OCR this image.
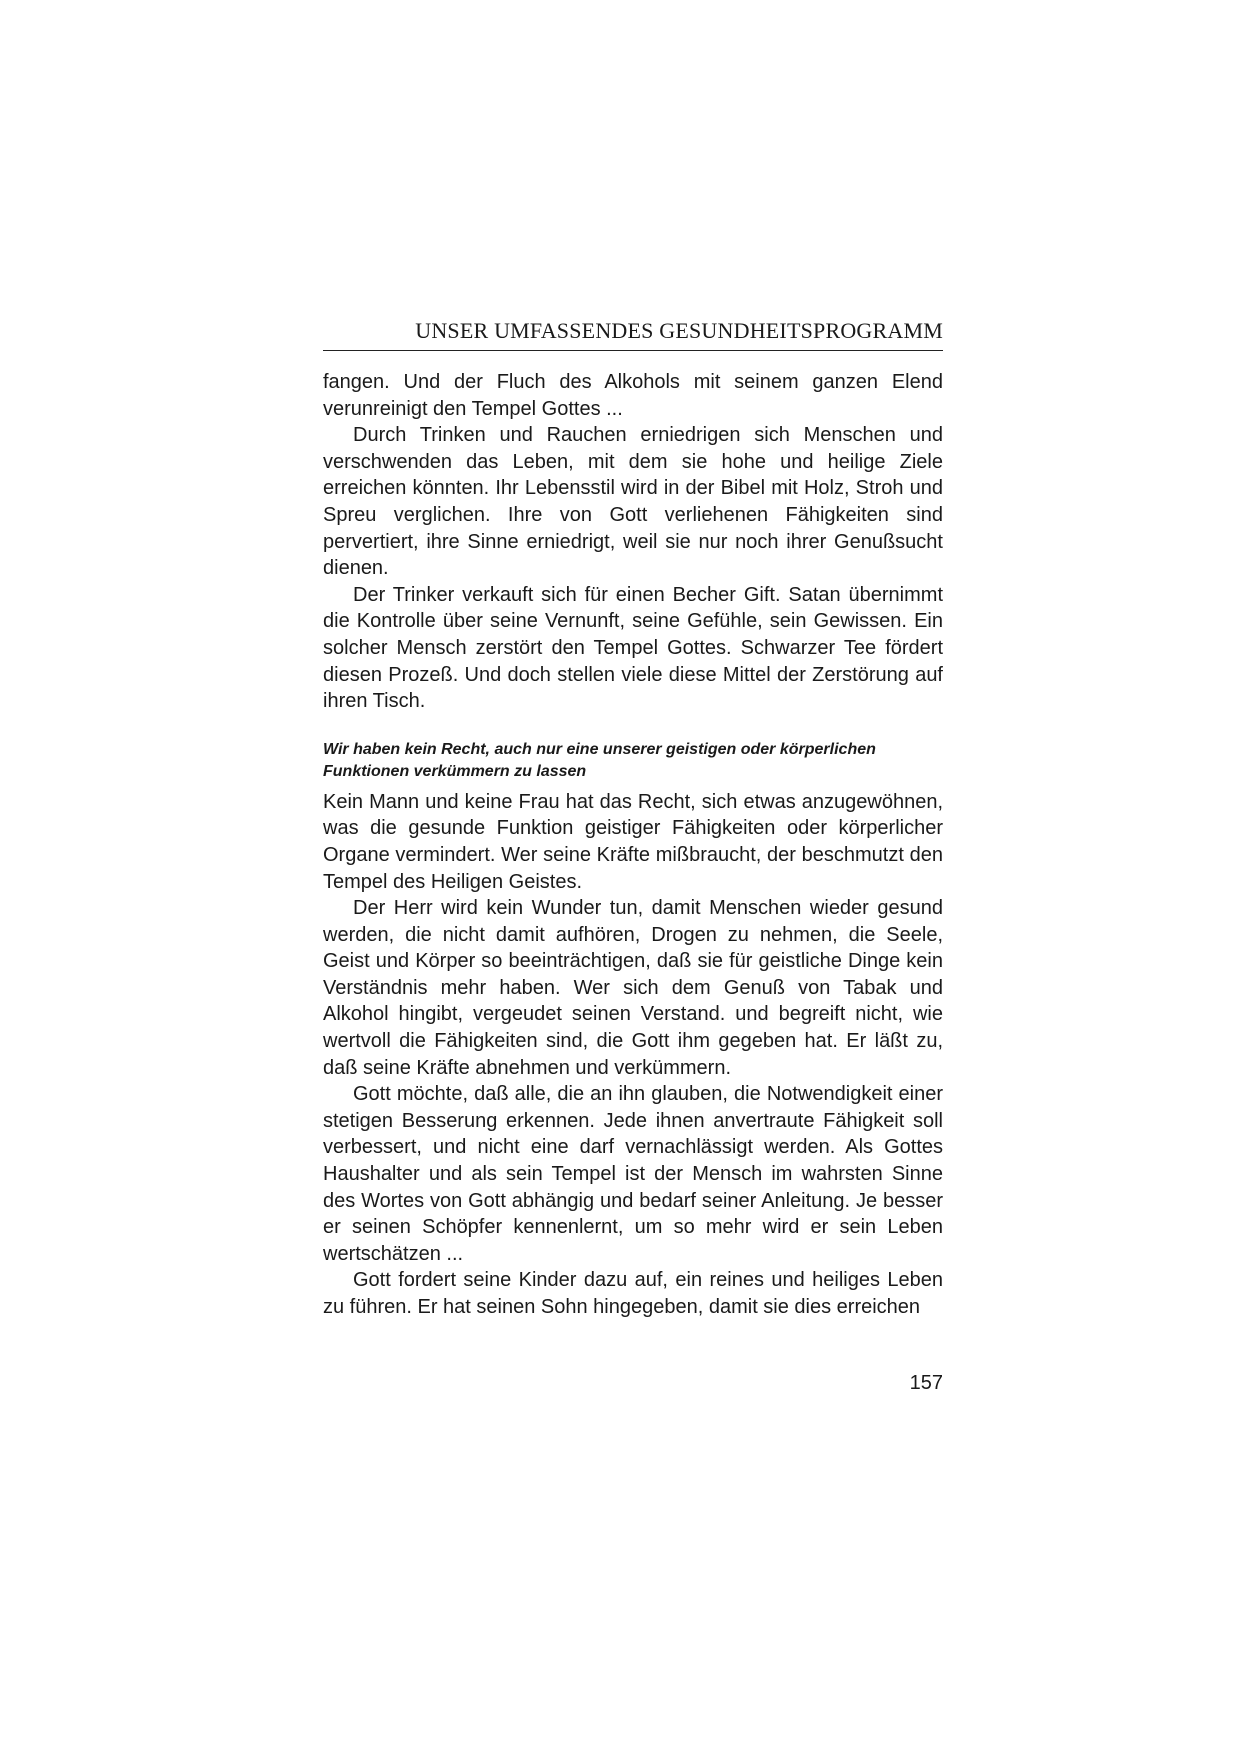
UNSER UMFASSENDES GESUNDHEITSPROGRAMM

fangen. Und der Fluch des Alkohols mit seinem ganzen Elend verunreinigt den Tempel Gottes ...

Durch Trinken und Rauchen erniedrigen sich Menschen und verschwenden das Leben, mit dem sie hohe und heilige Ziele erreichen könnten. Ihr Lebensstil wird in der Bibel mit Holz, Stroh und Spreu verglichen. Ihre von Gott verliehenen Fähigkeiten sind pervertiert, ihre Sinne erniedrigt, weil sie nur noch ihrer Genußsucht dienen.

Der Trinker verkauft sich für einen Becher Gift. Satan übernimmt die Kontrolle über seine Vernunft, seine Gefühle, sein Gewissen. Ein solcher Mensch zerstört den Tempel Gottes. Schwarzer Tee fördert diesen Prozeß. Und doch stellen viele diese Mittel der Zerstörung auf ihren Tisch.

Wir haben kein Recht, auch nur eine unserer geistigen oder körperlichen Funktionen verkümmern zu lassen

Kein Mann und keine Frau hat das Recht, sich etwas anzugewöhnen, was die gesunde Funktion geistiger Fähigkeiten oder körperlicher Organe vermindert. Wer seine Kräfte mißbraucht, der beschmutzt den Tempel des Heiligen Geistes.

Der Herr wird kein Wunder tun, damit Menschen wieder gesund werden, die nicht damit aufhören, Drogen zu nehmen, die Seele, Geist und Körper so beeinträchtigen, daß sie für geistliche Dinge kein Verständnis mehr haben. Wer sich dem Genuß von Tabak und Alkohol hingibt, vergeudet seinen Verstand. und begreift nicht, wie wertvoll die Fähigkeiten sind, die Gott ihm gegeben hat. Er läßt zu, daß seine Kräfte abnehmen und verkümmern.

Gott möchte, daß alle, die an ihn glauben, die Notwendigkeit einer stetigen Besserung erkennen. Jede ihnen anvertraute Fähigkeit soll verbessert, und nicht eine darf vernachlässigt werden. Als Gottes Haushalter und als sein Tempel ist der Mensch im wahrsten Sinne des Wortes von Gott abhängig und bedarf seiner Anleitung. Je besser er seinen Schöpfer kennenlernt, um so mehr wird er sein Leben wertschätzen ...

Gott fordert seine Kinder dazu auf, ein reines und heiliges Leben zu führen. Er hat seinen Sohn hingegeben, damit sie dies erreichen

157
